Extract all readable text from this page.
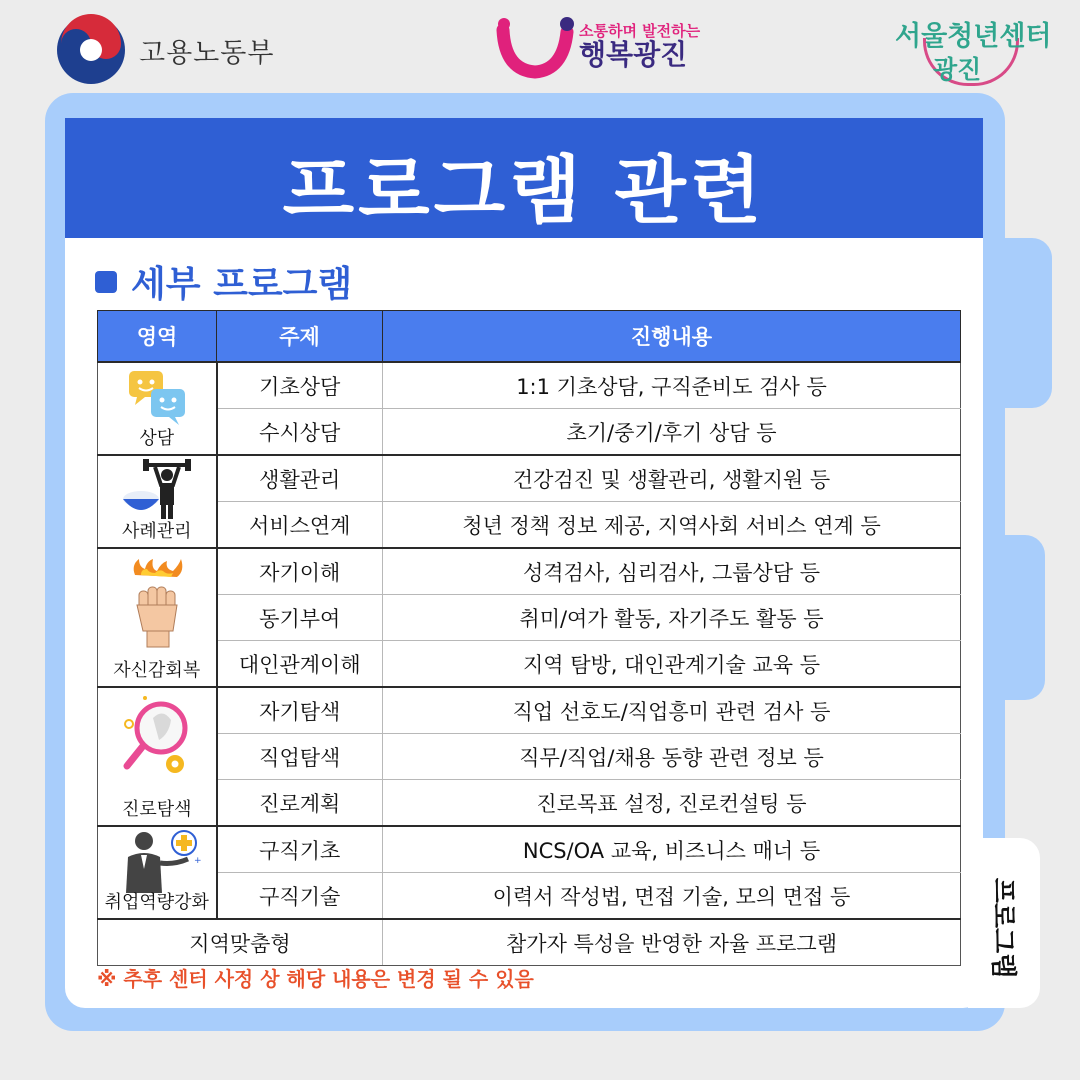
고용노동부
소통하며 발전하는
행복광진
서울청년센터
광진
프로그램
프로그램 관련
세부 프로그램
영역	주제	진행내용

상담	기초상담	1:1 기초상담, 구직준비도 검사 등
	수시상담	초기/중기/후기 상담 등

사례관리	생활관리	건강검진 및 생활관리, 생활지원 등
	서비스연계	청년 정책 정보 제공, 지역사회 서비스 연계 등

자신감회복	자기이해	성격검사, 심리검사, 그룹상담 등
	동기부여	취미/여가 활동, 자기주도 활동 등
	대인관계이해	지역 탐방, 대인관계기술 교육 등

진로탐색	자기탐색	직업 선호도/직업흥미 관련 검사 등
	직업탐색	직무/직업/채용 동향 관련 정보 등
	진로계획	진로목표 설정, 진로컨설팅 등

+
취업역량강화	구직기초	NCS/OA 교육, 비즈니스 매너 등
	구직기술	이력서 작성법, 면접 기술, 모의 면접 등
지역맞춤형		참가자 특성을 반영한 자율 프로그램
※ 추후 센터 사정 상 해당 내용은 변경 될 수 있음
